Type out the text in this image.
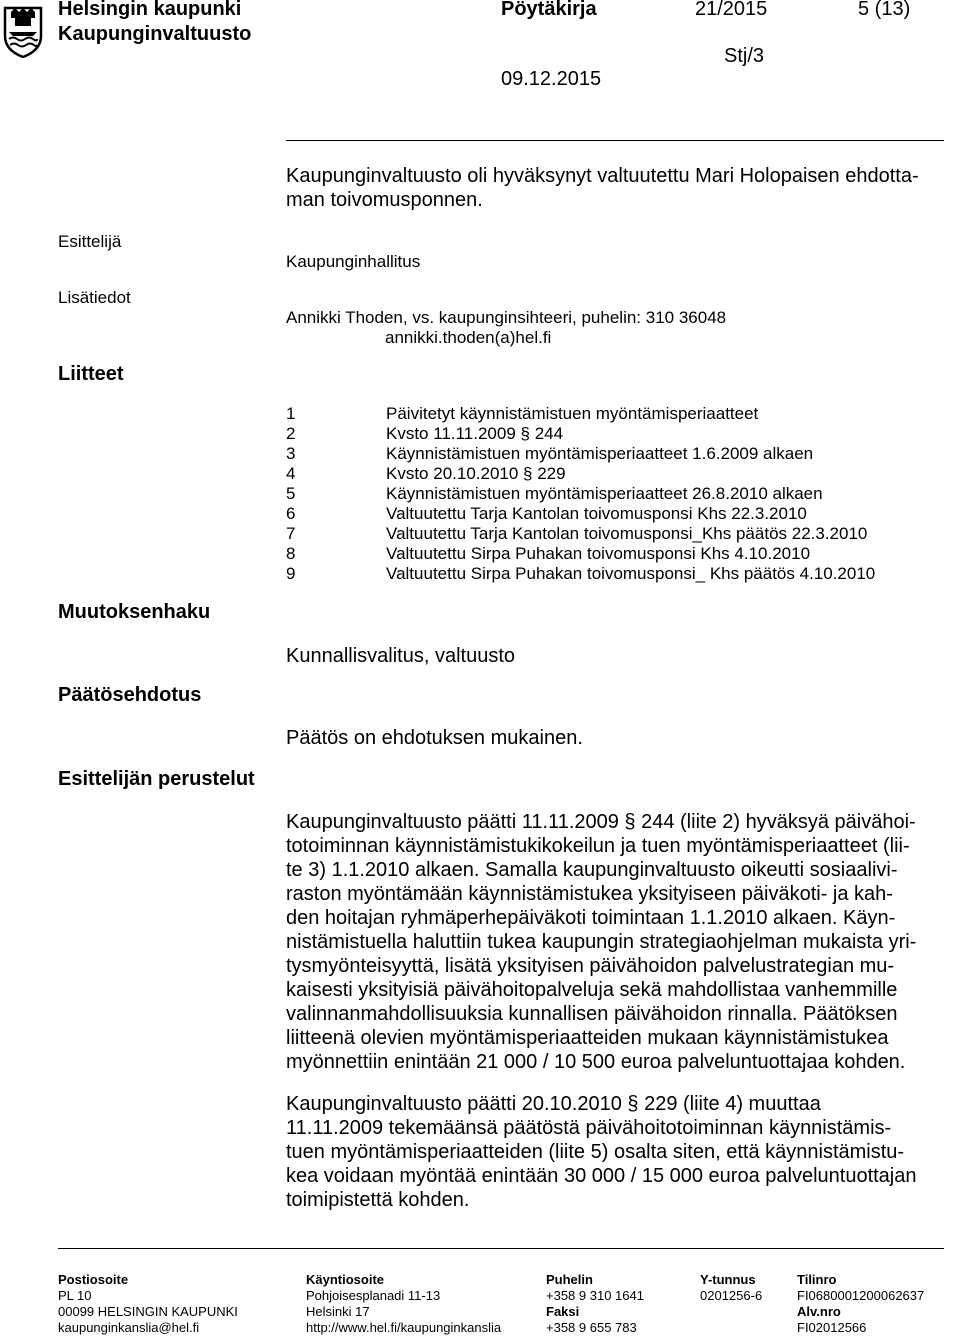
Helsingin kaupunki
Kaupunginvaltuusto
Pöytäkirja	21/2015	5 (13)
Stj/3
09.12.2015
Kaupunginvaltuusto oli hyväksynyt valtuutettu Mari Holopaisen ehdotta-
man toivomusponnen.
Esittelijä
Kaupunginhallitus
Lisätiedot
Annikki Thoden, vs. kaupunginsihteeri, puhelin: 310 36048
annikki.thoden(a)hel.fi
Liitteet
1	Päivitetyt käynnistämistuen myöntämisperiaatteet
2	Kvsto 11.11.2009 § 244
3	Käynnistämistuen myöntämisperiaatteet 1.6.2009 alkaen
4	Kvsto 20.10.2010 § 229
5	Käynnistämistuen myöntämisperiaatteet 26.8.2010 alkaen
6	Valtuutettu Tarja Kantolan toivomusponsi Khs 22.3.2010
7	Valtuutettu Tarja Kantolan toivomusponsi_Khs päätös 22.3.2010
8	Valtuutettu Sirpa Puhakan toivomusponsi Khs 4.10.2010
9	Valtuutettu Sirpa Puhakan toivomusponsi_ Khs päätös 4.10.2010
Muutoksenhaku
Kunnallisvalitus, valtuusto
Päätösehdotus
Päätös on ehdotuksen mukainen.
Esittelijän perustelut
Kaupunginvaltuusto päätti 11.11.2009 § 244 (liite 2) hyväksyä päivähoi-
totoiminnan käynnistämistukikokeilun ja tuen myöntämisperiaatteet (lii-
te 3) 1.1.2010 alkaen. Samalla kaupunginvaltuusto oikeutti sosiaalivi-
raston myöntämään käynnistämistukea yksityiseen päiväkoti- ja kah-
den hoitajan ryhmäperhepäiväkoti toimintaan 1.1.2010 alkaen. Käyn-
nistämistuella haluttiin tukea kaupungin strategiaohjelman mukaista yri-
tysmyönteisyyttä, lisätä yksityisen päivähoidon palvelustrategian mu-
kaisesti yksityisiä päivähoitopalveluja sekä mahdollistaa vanhemmille
valinnanmahdollisuuksia kunnallisen päivähoidon rinnalla. Päätöksen
liitteenä olevien myöntämisperiaatteiden mukaan käynnistämistukea
myönnettiin enintään 21 000 / 10 500 euroa palveluntuottajaa kohden.
Kaupunginvaltuusto päätti 20.10.2010 § 229 (liite 4) muuttaa
11.11.2009 tekemäänsä päätöstä päivähoitotoiminnan käynnistämis-
tuen myöntämisperiaatteiden (liite 5) osalta siten, että käynnistämistu-
kea voidaan myöntää enintään 30 000 / 15 000 euroa palveluntuottajan
toimipistettä kohden.
Postiosoite
PL 10
00099 HELSINGIN KAUPUNKI
kaupunginkanslia@hel.fi
Käyntiosoite
Pohjoisesplanadi 11-13
Helsinki 17
http://www.hel.fi/kaupunginkanslia
Puhelin
+358 9 310 1641
Faksi
+358 9 655 783
Y-tunnus
0201256-6
Tilinro
FI0680001200062637
Alv.nro
FI02012566
